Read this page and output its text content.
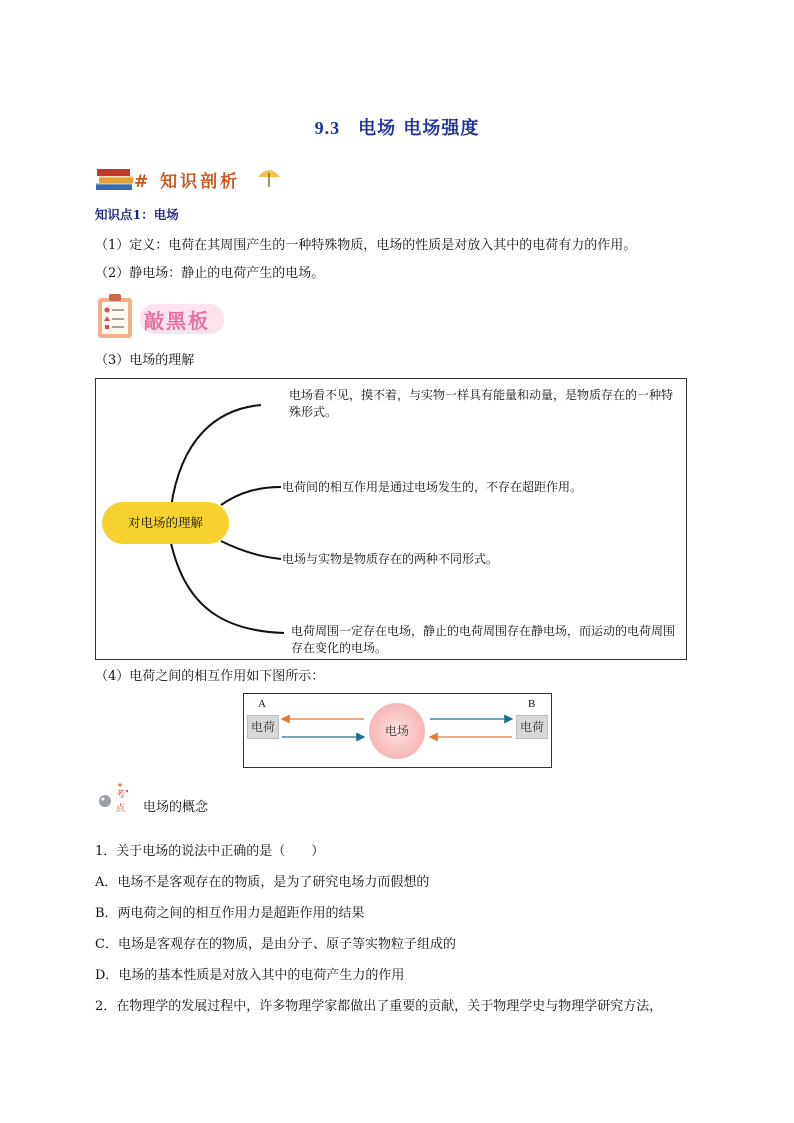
9.3 电场 电场强度
# 知识剖析
知识点1：电场
（1）定义：电荷在其周围产生的一种特殊物质，电场的性质是对放入其中的电荷有力的作用。
（2）静电场：静止的电荷产生的电场。
敲黑板
（3）电场的理解
对电场的理解
电场看不见，摸不着，与实物一样具有能量和动量，是物质存在的一种特殊形式。
电荷间的相互作用是通过电场发生的，不存在超距作用。
电场与实物是物质存在的两种不同形式。
电荷周围一定存在电场，静止的电荷周围存在静电场，而运动的电荷周围存在变化的电场。
（4）电荷之间的相互作用如下图所示：
A	B
电荷	电荷
电场
考
点 电场的概念
1．关于电场的说法中正确的是（　　）
A．电场不是客观存在的物质，是为了研究电场力而假想的
B．两电荷之间的相互作用力是超距作用的结果
C．电场是客观存在的物质，是由分子、原子等实物粒子组成的
D．电场的基本性质是对放入其中的电荷产生力的作用
2．在物理学的发展过程中，许多物理学家都做出了重要的贡献，关于物理学史与物理学研究方法，
